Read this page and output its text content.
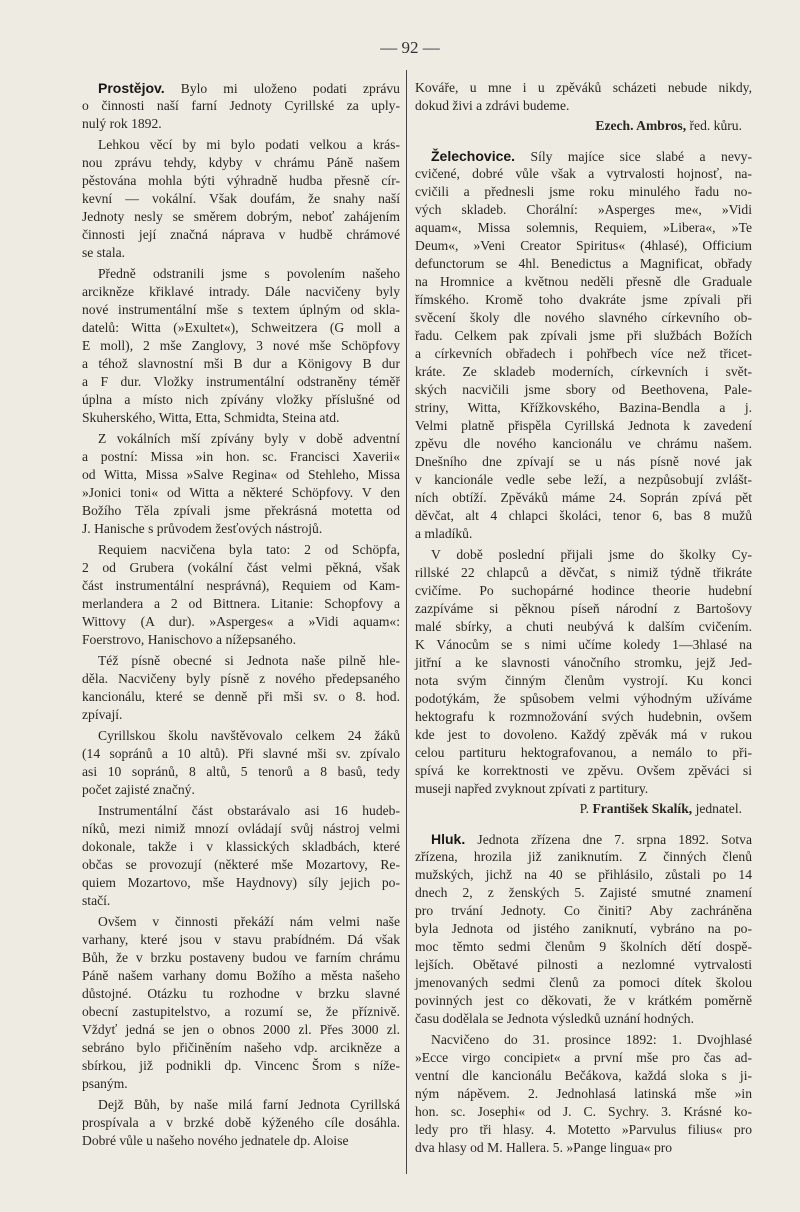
— 92 —
Prostějov. Bylo mi uloženo podati zprávu
o činnosti naší farní Jednoty Cyrillské za uply-
nulý rok 1892.
Lehkou věcí by mi bylo podati velkou a krás-
nou zprávu tehdy, kdyby v chrámu Páně našem
pěstována mohla býti výhradně hudba přesně cír-
kevní — vokální. Však doufám, že snahy naší
Jednoty nesly se směrem dobrým, neboť zahájením
činnosti její značná náprava v hudbě chrámové
se stala.
Předně odstranili jsme s povolením našeho
arcikněze křiklavé intrady. Dále nacvičeny byly
nové instrumentální mše s textem úplným od skla-
datelů: Witta (»Exultet«), Schweitzera (G moll a
E moll), 2 mše Zanglovy, 3 nové mše Schöpfovy
a téhož slavnostní mši B dur a Königovy B dur
a F dur. Vložky instrumentální odstraněny téměř
úplna a místo nich zpívány vložky příslušné od
Skuherského, Witta, Etta, Schmidta, Steina atd.
Z vokálních mší zpívány byly v době adventní
a postní: Missa »in hon. sc. Francisci Xaverii«
od Witta, Missa »Salve Regina« od Stehleho, Missa
»Jonici toni« od Witta a některé Schöpfovy. V den
Božího Těla zpívali jsme překrásná motetta od
J. Hanische s průvodem žesťových nástrojů.
Requiem nacvičena byla tato: 2 od Schöpfa,
2 od Grubera (vokální část velmi pěkná, však
část instrumentální nesprávná), Requiem od Kam-
merlandera a 2 od Bittnera. Litanie: Schopfovy a
Wittovy (A dur). »Asperges« a »Vidi aquam«:
Foerstrovo, Hanischovo a nížepsaného.
Též písně obecné si Jednota naše pilně hle-
děla. Nacvičeny byly písně z nového předepsaného
kancionálu, které se denně při mši sv. o 8. hod.
zpívají.
Cyrillskou školu navštěvovalo celkem 24 žáků
(14 sopránů a 10 altů). Při slavné mši sv. zpívalo
asi 10 sopránů, 8 altů, 5 tenorů a 8 basů, tedy
počet zajisté značný.
Instrumentální část obstarávalo asi 16 hudeb-
níků, mezi nimiž mnozí ovládají svůj nástroj velmi
dokonale, takže i v klassických skladbách, které
občas se provozují (některé mše Mozartovy, Re-
quiem Mozartovo, mše Haydnovy) síly jejich po-
stačí.
Ovšem v činnosti překáží nám velmi naše
varhany, které jsou v stavu prabídném. Dá však
Bůh, že v brzku postaveny budou ve farním chrámu
Páně našem varhany domu Božího a města našeho
důstojné. Otázku tu rozhodne v brzku slavné
obecní zastupitelstvo, a rozumí se, že příznivě.
Vždyť jedná se jen o obnos 2000 zl. Přes 3000 zl.
sebráno bylo přičiněním našeho vdp. arcikněze a
sbírkou, již podnikli dp. Vincenc Šrom s níže-
psaným.
Dejž Bůh, by naše milá farní Jednota Cyrillská
prospívala a v brzké době kýženého cíle dosáhla.
Dobré vůle u našeho nového jednatele dp. Aloise
Kováře, u mne i u zpěváků scházeti nebude nikdy,
dokud živi a zdrávi budeme.
Ezech. Ambros, řed. kůru.
Želechovice. Síly majíce sice slabé a nevy-
cvičené, dobré vůle však a vytrvalosti hojnosť, na-
cvičili a přednesli jsme roku minulého řadu no-
vých skladeb. Chorální: »Asperges me«, »Vidi
aquam«, Missa solemnis, Requiem, »Libera«, »Te
Deum«, »Veni Creator Spiritus« (4hlasé), Officium
defunctorum se 4hl. Benedictus a Magnificat, obřady
na Hromnice a květnou neděli přesně dle Graduale
římského. Kromě toho dvakráte jsme zpívali při
svěcení školy dle nového slavného církevního ob-
řadu. Celkem pak zpívali jsme při službách Božích
a církevních obřadech i pohřbech více než třicet-
kráte. Ze skladeb moderních, církevních i svět-
ských nacvičili jsme sbory od Beethovena, Pale-
striny, Witta, Křížkovského, Bazina-Bendla a j.
Velmi platně přispěla Cyrillská Jednota k zavedení
zpěvu dle nového kancionálu ve chrámu našem.
Dnešního dne zpívají se u nás písně nové jak
v kancionále vedle sebe leží, a nezpůsobují zvlášt-
ních obtíží. Zpěváků máme 24. Soprán zpívá pět
děvčat, alt 4 chlapci školáci, tenor 6, bas 8 mužů
a mladíků.
V době poslední přijali jsme do školky Cy-
rillské 22 chlapců a děvčat, s nimiž týdně třikráte
cvičíme. Po suchopárné hodince theorie hudební
zazpíváme si pěknou píseň národní z Bartošovy
malé sbírky, a chuti neubývá k dalším cvičením.
K Vánocům se s nimi učíme koledy 1—3hlasé na
jitřní a ke slavnosti vánočního stromku, jejž Jed-
nota svým činným členům vystrojí. Ku konci
podotýkám, že spůsobem velmi výhodným užíváme
hektografu k rozmnožování svých hudebnin, ovšem
kde jest to dovoleno. Každý zpěvák má v rukou
celou partituru hektografovanou, a nemálo to při-
spívá ke korrektnosti ve zpěvu. Ovšem zpěváci si
museji napřed zvyknout zpívati z partitury.
P. František Skalík, jednatel.
Hluk. Jednota zřízena dne 7. srpna 1892. Sotva
zřízena, hrozila již zaniknutím. Z činných členů
mužských, jichž na 40 se přihlásilo, zůstali po 14
dnech 2, z ženských 5. Zajisté smutné znamení
pro trvání Jednoty. Co činiti? Aby zachráněna
byla Jednota od jistého zaniknutí, vybráno na po-
moc těmto sedmi členům 9 školních dětí dospě-
lejších. Obětavé pilnosti a nezlomné vytrvalosti
jmenovaných sedmi členů za pomoci dítek školou
povinných jest co děkovati, že v krátkém poměrně
času dodělala se Jednota výsledků uznání hodných.
Nacvičeno do 31. prosince 1892: 1. Dvojhlasé
»Ecce virgo concipiet« a první mše pro čas ad-
ventní dle kancionálu Bečákova, každá sloka s ji-
ným nápěvem. 2. Jednohlasá latinská mše »in
hon. sc. Josephi« od J. C. Sychry. 3. Krásné ko-
ledy pro tři hlasy. 4. Motetto »Parvulus filius« pro
dva hlasy od M. Hallera. 5. »Pange lingua« pro
